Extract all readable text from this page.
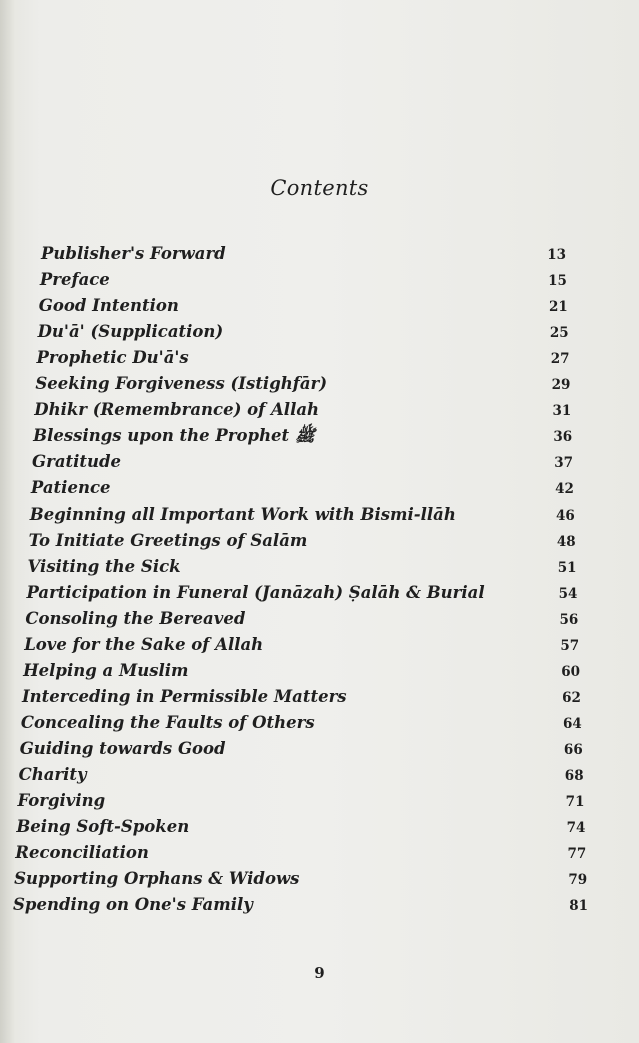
Contents
Publisher's Forward	13
Preface	15
Good Intention	21
Du'ā' (Supplication)	25
Prophetic Du'ā's	27
Seeking Forgiveness (Istighfār)	29
Dhikr (Remembrance) of Allah	31
Blessings upon the Prophet ﷺ	36
Gratitude	37
Patience	42
Beginning all Important Work with Bismi-llāh	46
To Initiate Greetings of Salām	48
Visiting the Sick	51
Participation in Funeral (Janāzah) Ṣalāh & Burial	54
Consoling the Bereaved	56
Love for the Sake of Allah	57
Helping a Muslim	60
Interceding in Permissible Matters	62
Concealing the Faults of Others	64
Guiding towards Good	66
Charity	68
Forgiving	71
Being Soft-Spoken	74
Reconciliation	77
Supporting Orphans & Widows	79
Spending on One's Family	81
9
